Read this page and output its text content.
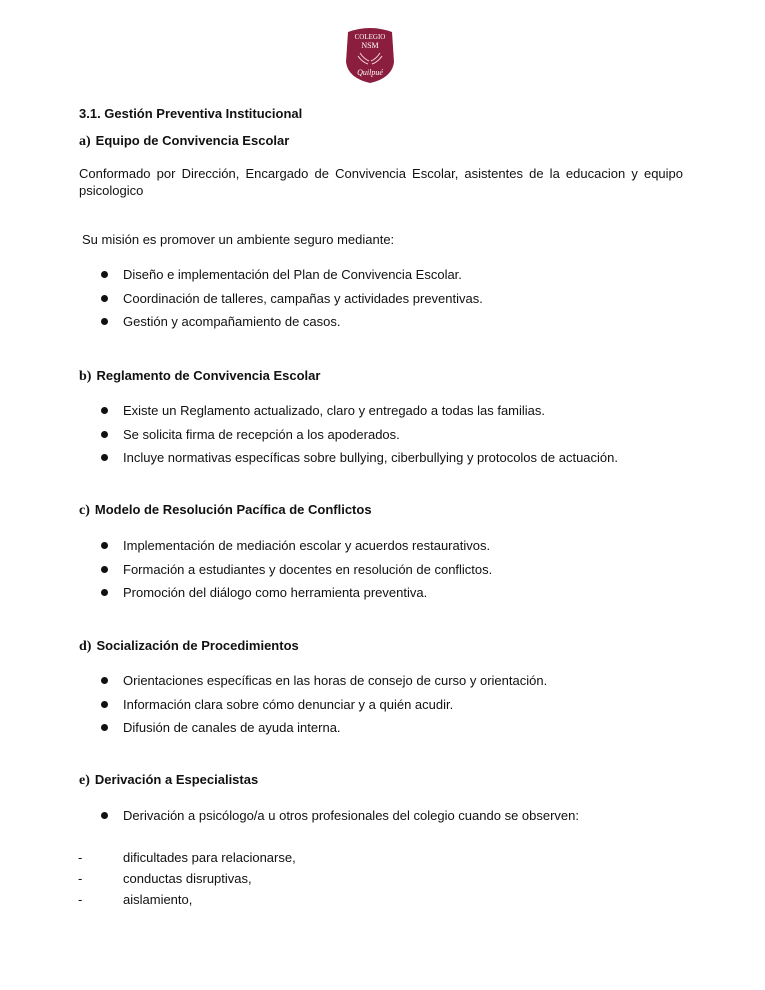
COLEGIO
NSM
Quilpué
3.1. Gestión Preventiva Institucional
a) Equipo de Convivencia Escolar
Conformado por Dirección, Encargado de Convivencia Escolar, asistentes de la educacion y equipo psicologico
Su misión es promover un ambiente seguro mediante:
Diseño e implementación del Plan de Convivencia Escolar.
Coordinación de talleres, campañas y actividades preventivas.
Gestión y acompañamiento de casos.
b) Reglamento de Convivencia Escolar
Existe un Reglamento actualizado, claro y entregado a todas las familias.
Se solicita firma de recepción a los apoderados.
Incluye normativas específicas sobre bullying, ciberbullying y protocolos de actuación.
c) Modelo de Resolución Pacífica de Conflictos
Implementación de mediación escolar y acuerdos restaurativos.
Formación a estudiantes y docentes en resolución de conflictos.
Promoción del diálogo como herramienta preventiva.
d) Socialización de Procedimientos
Orientaciones específicas en las horas de consejo de curso y orientación.
Información clara sobre cómo denunciar y a quién acudir.
Difusión de canales de ayuda interna.
e) Derivación a Especialistas
Derivación a psicólogo/a u otros profesionales del colegio cuando se observen:
-	dificultades para relacionarse,
-	conductas disruptivas,
-	aislamiento,
